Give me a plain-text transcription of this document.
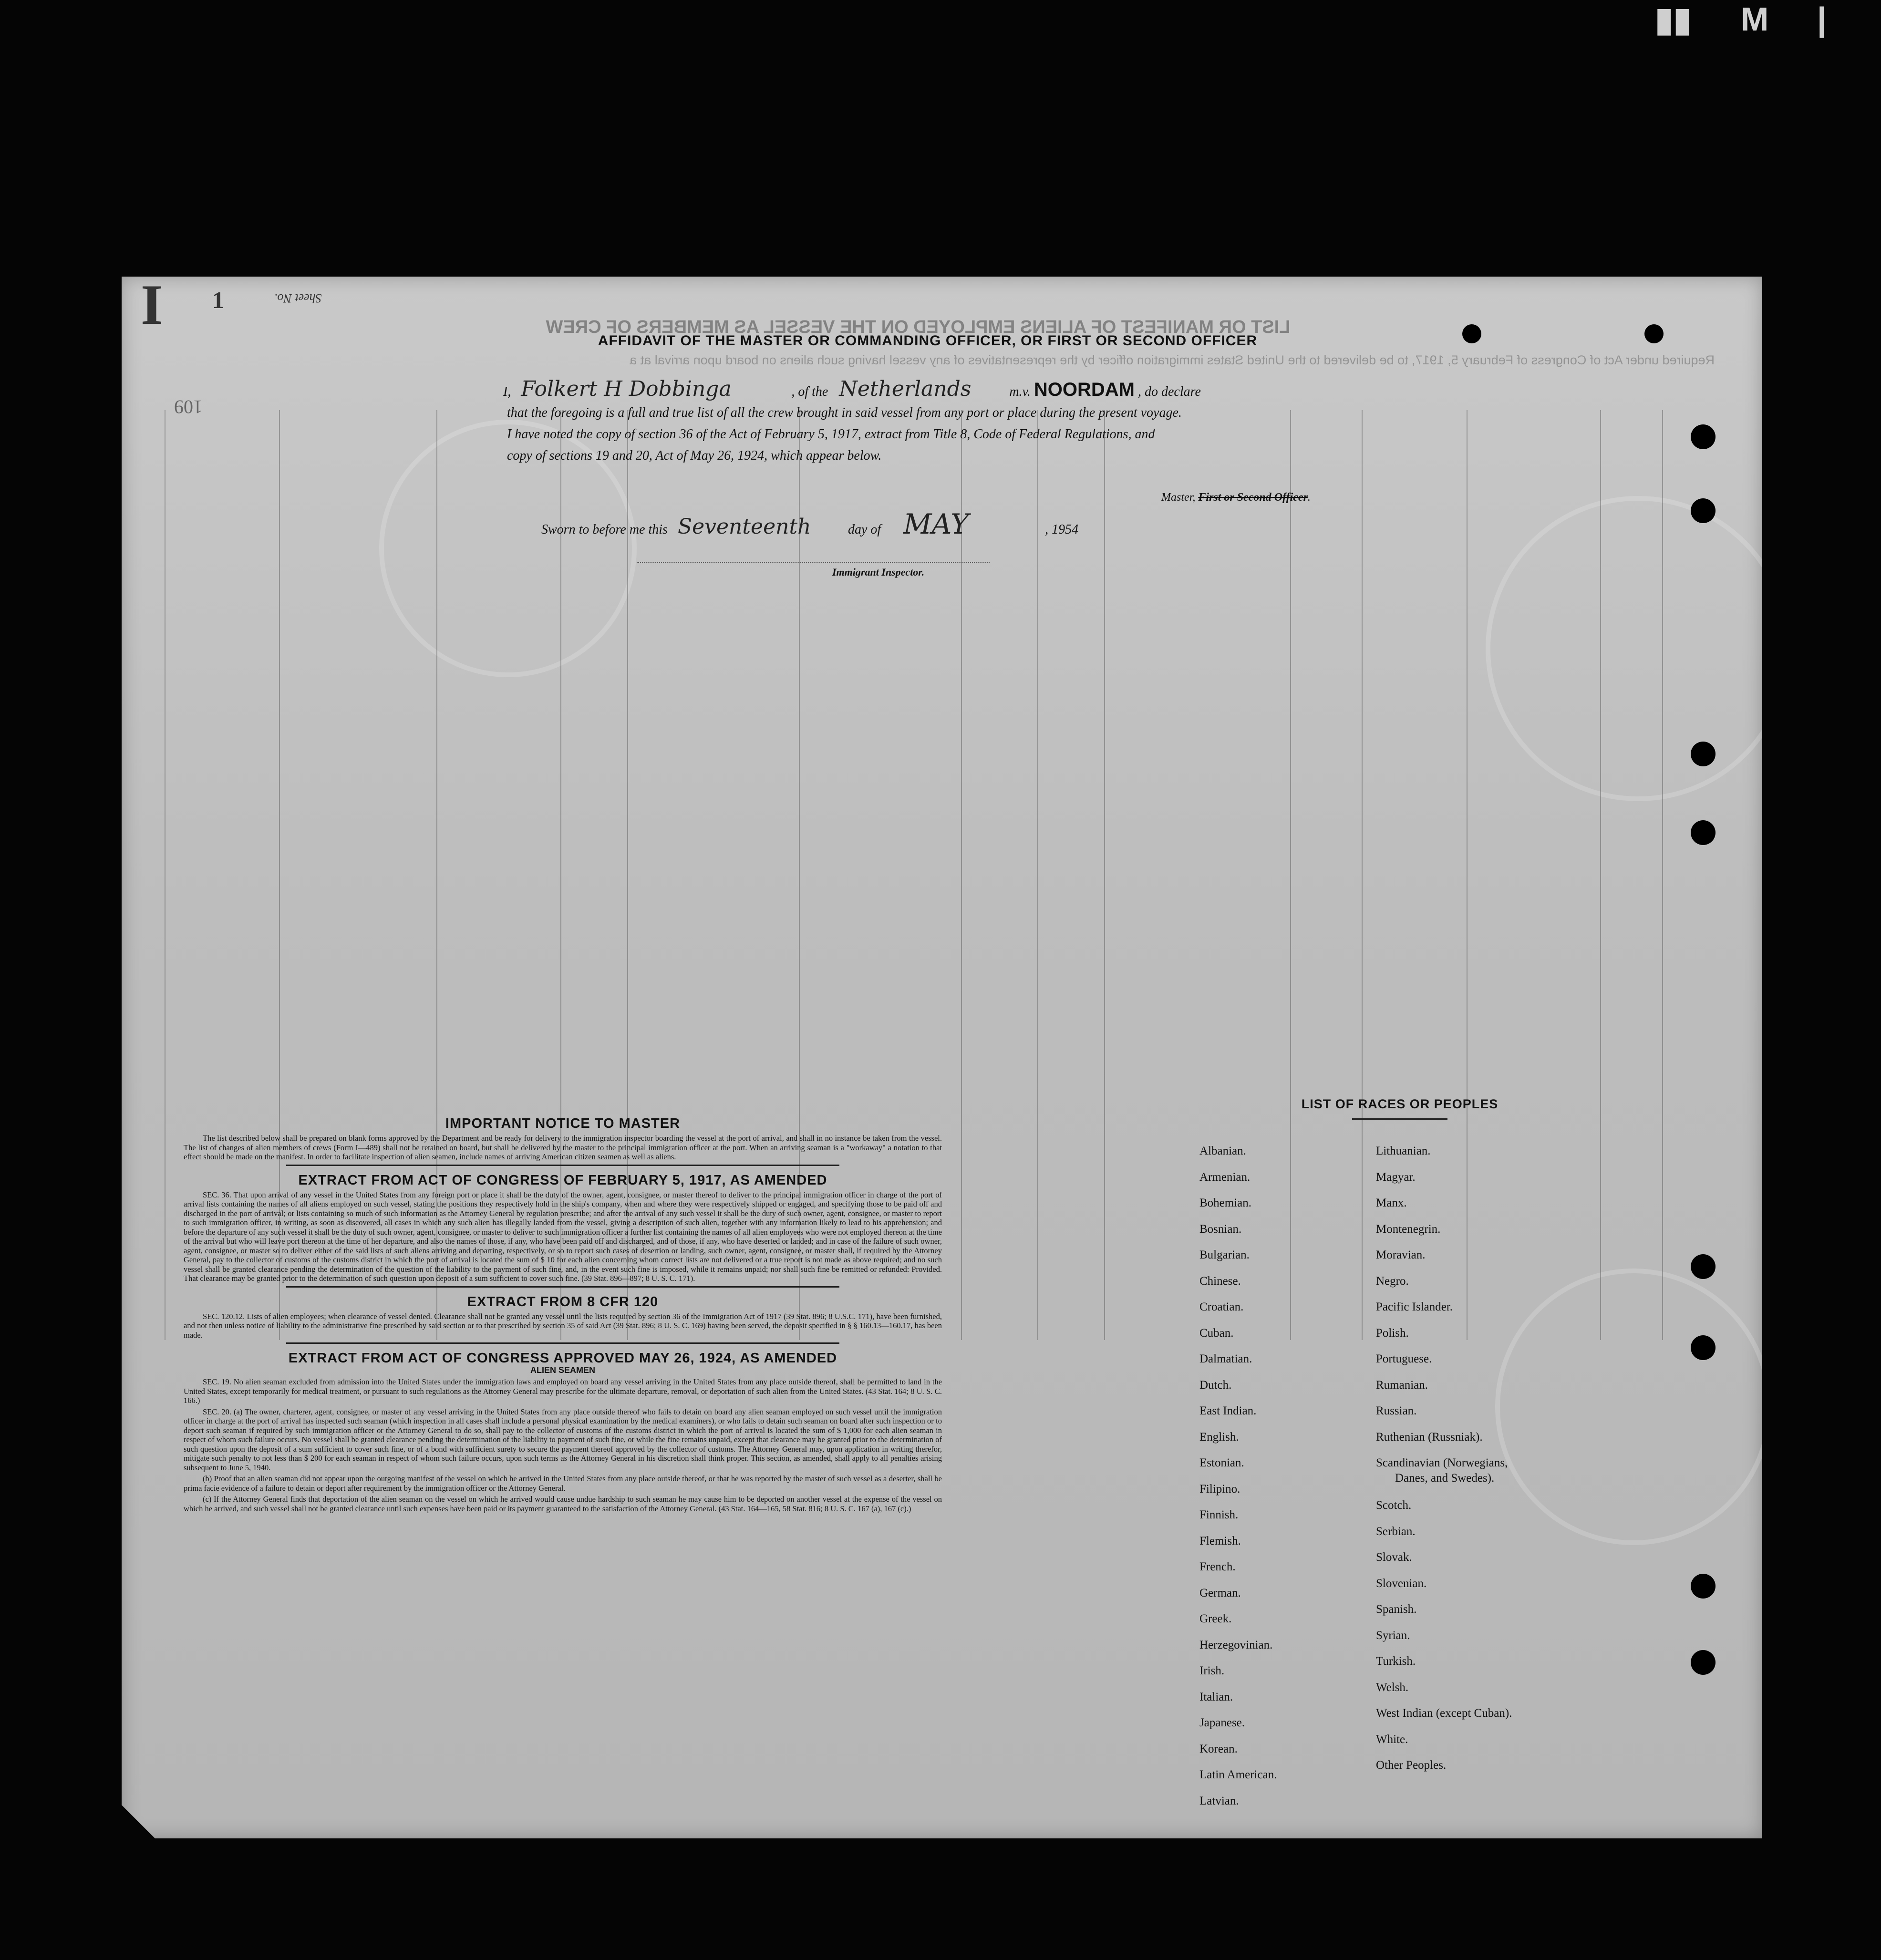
▮▮ M |
I	Sheet No.
1
109
LIST OR MANIFEST OF ALIENS EMPLOYED ON THE VESSEL AS MEMBERS OF CREW
Required under Act of Congress of February 5, 1917, to be delivered to the United States immigration officer by the representatives of any vessel having such aliens on board upon arrival at a
AFFIDAVIT OF THE MASTER OR COMMANDING OFFICER, OR FIRST OR SECOND OFFICER
I, Folkert H Dobbinga	, of the Netherlands	m.v. NOORDAM , do declare
that the foregoing is a full and true list of all the crew brought in said vessel from any port or place during the present voyage.
I have noted the copy of section 36 of the Act of February 5, 1917, extract from Title 8, Code of Federal Regulations, and
copy of sections 19 and 20, Act of May 26, 1924, which appear below.
Master, First or Second Officer.
Sworn to before me this Seventeenth	day of MAY	, 1954
Immigrant Inspector.
IMPORTANT NOTICE TO MASTER

The list described below shall be prepared on blank forms approved by the Department and be ready for delivery to the immigration inspector boarding the vessel at the port of arrival, and shall in no instance be taken from the vessel. The list of changes of alien members of crews (Form I—489) shall not be retained on board, but shall be delivered by the master to the principal immigration officer at the port. When an arriving seaman is a "workaway" a notation to that effect should be made on the manifest. In order to facilitate inspection of alien seamen, include names of arriving American citizen seamen as well as aliens.

EXTRACT FROM ACT OF CONGRESS OF FEBRUARY 5, 1917, AS AMENDED

SEC. 36. That upon arrival of any vessel in the United States from any foreign port or place it shall be the duty of the owner, agent, consignee, or master thereof to deliver to the principal immigration officer in charge of the port of arrival lists containing the names of all aliens employed on such vessel, stating the positions they respectively hold in the ship's company, when and where they were respectively shipped or engaged, and specifying those to be paid off and discharged in the port of arrival; or lists containing so much of such information as the Attorney General by regulation prescribe; and after the arrival of any such vessel it shall be the duty of such owner, agent, consignee, or master to report to such immigration officer, in writing, as soon as discovered, all cases in which any such alien has illegally landed from the vessel, giving a description of such alien, together with any information likely to lead to his apprehension; and before the departure of any such vessel it shall be the duty of such owner, agent, consignee, or master to deliver to such immigration officer a further list containing the names of all alien employees who were not employed thereon at the time of the arrival but who will leave port thereon at the time of her departure, and also the names of those, if any, who have been paid off and discharged, and of those, if any, who have deserted or landed; and in case of the failure of such owner, agent, consignee, or master so to deliver either of the said lists of such aliens arriving and departing, respectively, or so to report such cases of desertion or landing, such owner, agent, consignee, or master shall, if required by the Attorney General, pay to the collector of customs of the customs district in which the port of arrival is located the sum of $ 10 for each alien concerning whom correct lists are not delivered or a true report is not made as above required; and no such vessel shall be granted clearance pending the determination of the question of the liability to the payment of such fine, and, in the event such fine is imposed, while it remains unpaid; nor shall such fine be remitted or refunded: Provided. That clearance may be granted prior to the determination of such question upon deposit of a sum sufficient to cover such fine. (39 Stat. 896—897; 8 U. S. C. 171).

EXTRACT FROM 8 CFR 120

SEC. 120.12. Lists of alien employees; when clearance of vessel denied. Clearance shall not be granted any vessel until the lists required by section 36 of the Immigration Act of 1917 (39 Stat. 896; 8 U.S.C. 171), have been furnished, and not then unless notice of liability to the administrative fine prescribed by said section or to that prescribed by section 35 of said Act (39 Stat. 896; 8 U. S. C. 169) having been served, the deposit specified in § § 160.13—160.17, has been made.

EXTRACT FROM ACT OF CONGRESS APPROVED MAY 26, 1924, AS AMENDED
ALIEN SEAMEN

SEC. 19. No alien seaman excluded from admission into the United States under the immigration laws and employed on board any vessel arriving in the United States from any place outside thereof, shall be permitted to land in the United States, except temporarily for medical treatment, or pursuant to such regulations as the Attorney General may prescribe for the ultimate departure, removal, or deportation of such alien from the United States. (43 Stat. 164; 8 U. S. C. 166.)

SEC. 20. (a) The owner, charterer, agent, consignee, or master of any vessel arriving in the United States from any place outside thereof who fails to detain on board any alien seaman employed on such vessel until the immigration officer in charge at the port of arrival has inspected such seaman (which inspection in all cases shall include a personal physical examination by the medical examiners), or who fails to detain such seaman on board after such inspection or to deport such seaman if required by such immigration officer or the Attorney General to do so, shall pay to the collector of customs of the customs district in which the port of arrival is located the sum of $ 1,000 for each alien seaman in respect of whom such failure occurs. No vessel shall be granted clearance pending the determination of the liability to payment of such fine, or while the fine remains unpaid, except that clearance may be granted prior to the determination of such question upon the deposit of a sum sufficient to cover such fine, or of a bond with sufficient surety to secure the payment thereof approved by the collector of customs. The Attorney General may, upon application in writing therefor, mitigate such penalty to not less than $ 200 for each seaman in respect of whom such failure occurs, upon such terms as the Attorney General in his discretion shall think proper. This section, as amended, shall apply to all penalties arising subsequent to June 5, 1940.

(b) Proof that an alien seaman did not appear upon the outgoing manifest of the vessel on which he arrived in the United States from any place outside thereof, or that he was reported by the master of such vessel as a deserter, shall be prima facie evidence of a failure to detain or deport after requirement by the immigration officer or the Attorney General.

(c) If the Attorney General finds that deportation of the alien seaman on the vessel on which he arrived would cause undue hardship to such seaman he may cause him to be deported on another vessel at the expense of the vessel on which he arrived, and such vessel shall not be granted clearance until such expenses have been paid or its payment guaranteed to the satisfaction of the Attorney General. (43 Stat. 164—165, 58 Stat. 816; 8 U. S. C. 167 (a), 167 (c).)

LIST OF RACES OR PEOPLES
Albanian.
Armenian.
Bohemian.
Bosnian.
Bulgarian.
Chinese.
Croatian.
Cuban.
Dalmatian.
Dutch.
East Indian.
English.
Estonian.
Filipino.
Finnish.
Flemish.
French.
German.
Greek.
Herzegovinian.
Irish.
Italian.
Japanese.
Korean.
Latin American.
Latvian.
Lithuanian.
Magyar.
Manx.
Montenegrin.
Moravian.
Negro.
Pacific Islander.
Polish.
Portuguese.
Rumanian.
Russian.
Ruthenian (Russniak).
Scandinavian (Norwegians,
Danes, and Swedes).
Scotch.
Serbian.
Slovak.
Slovenian.
Spanish.
Syrian.
Turkish.
Welsh.
West Indian (except Cuban).
White.
Other Peoples.
